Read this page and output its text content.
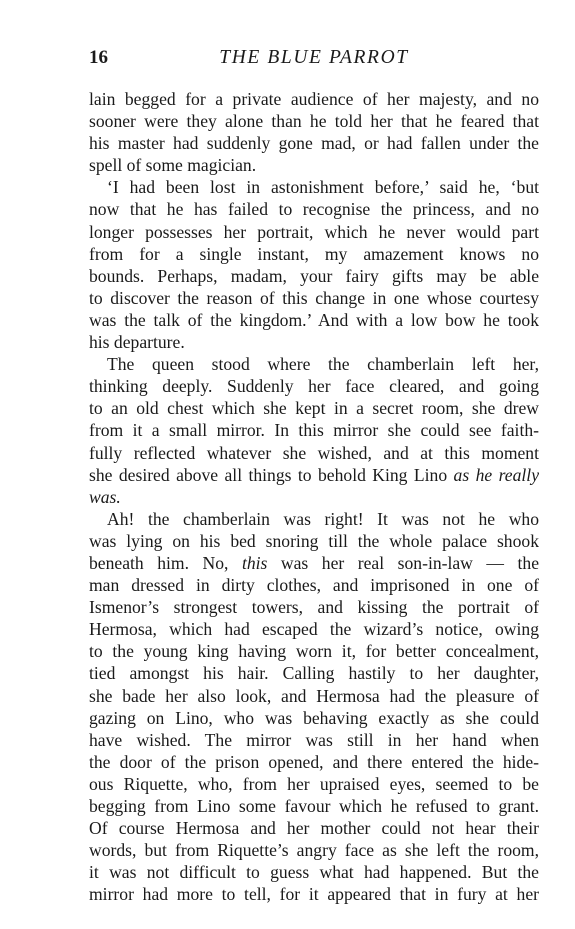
16	THE BLUE PARROT
lain begged for a private audience of her majesty, and no
sooner were they alone than he told her that he feared that
his master had suddenly gone mad, or had fallen under the
spell of some magician.
‘I had been lost in astonishment before,’ said he, ‘but
now that he has failed to recognise the princess, and no
longer possesses her portrait, which he never would part
from for a single instant, my amazement knows no
bounds. Perhaps, madam, your fairy gifts may be able
to discover the reason of this change in one whose courtesy
was the talk of the kingdom.’ And with a low bow he took
his departure.
The queen stood where the chamberlain left her,
thinking deeply. Suddenly her face cleared, and going
to an old chest which she kept in a secret room, she drew
from it a small mirror. In this mirror she could see faith-
fully reflected whatever she wished, and at this moment
she desired above all things to behold King Lino as he really
was.
Ah! the chamberlain was right! It was not he who
was lying on his bed snoring till the whole palace shook
beneath him. No, this was her real son-in-law — the
man dressed in dirty clothes, and imprisoned in one of
Ismenor’s strongest towers, and kissing the portrait of
Hermosa, which had escaped the wizard’s notice, owing
to the young king having worn it, for better concealment,
tied amongst his hair. Calling hastily to her daughter,
she bade her also look, and Hermosa had the pleasure of
gazing on Lino, who was behaving exactly as she could
have wished. The mirror was still in her hand when
the door of the prison opened, and there entered the hide-
ous Riquette, who, from her upraised eyes, seemed to be
begging from Lino some favour which he refused to grant.
Of course Hermosa and her mother could not hear their
words, but from Riquette’s angry face as she left the room,
it was not difficult to guess what had happened. But the
mirror had more to tell, for it appeared that in fury at her
